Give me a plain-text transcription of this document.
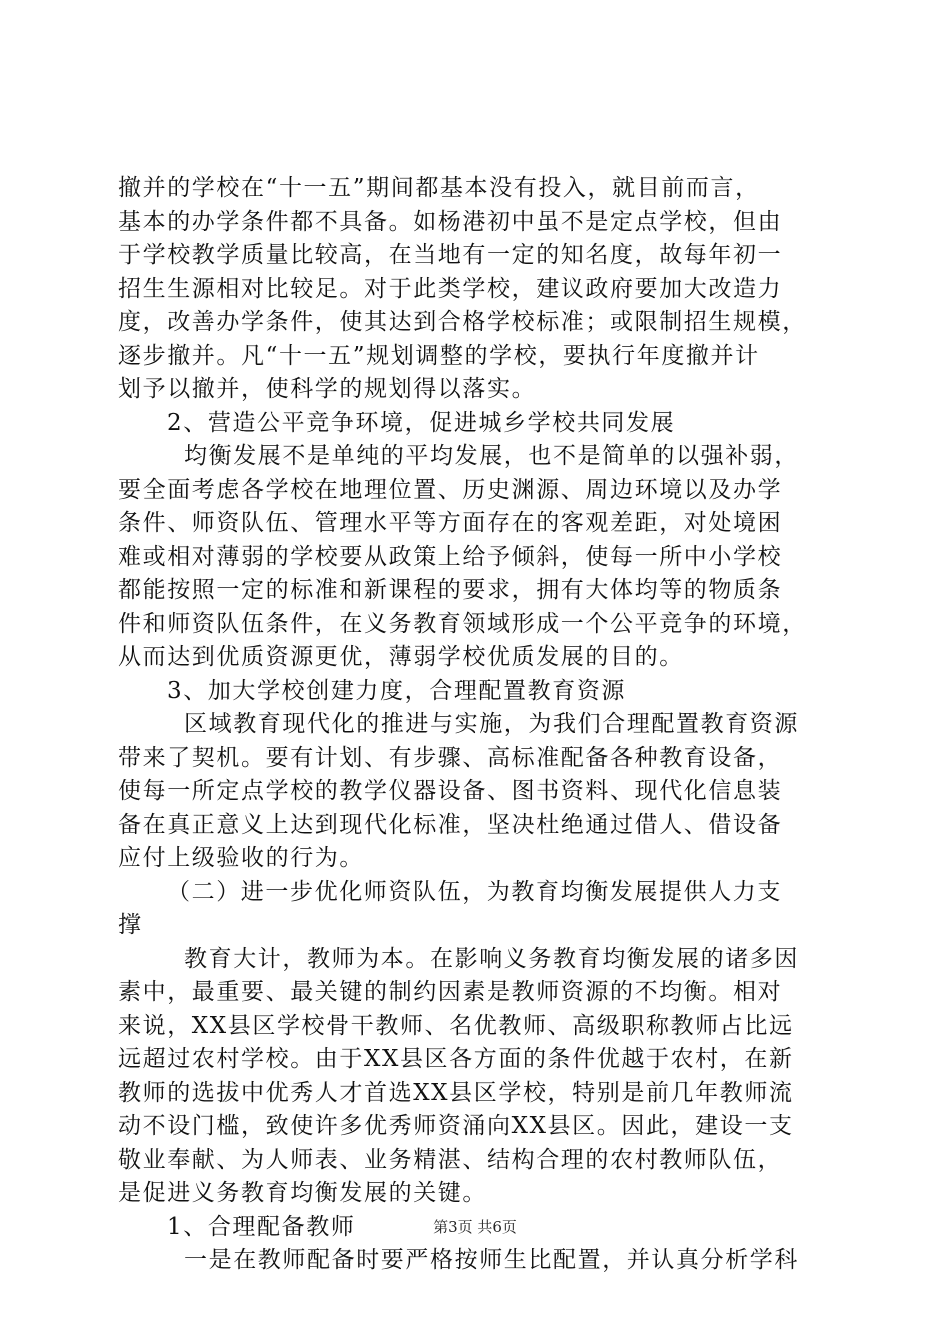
撤并的学校在“十一五”期间都基本没有投入，就目前而言，
基本的办学条件都不具备。如杨港初中虽不是定点学校，但由
于学校教学质量比较高，在当地有一定的知名度，故每年初一
招生生源相对比较足。对于此类学校，建议政府要加大改造力
度，改善办学条件，使其达到合格学校标准；或限制招生规模，
逐步撤并。凡“十一五”规划调整的学校，要执行年度撤并计
划予以撤并，使科学的规划得以落实。
2、营造公平竞争环境，促进城乡学校共同发展
均衡发展不是单纯的平均发展，也不是简单的以强补弱，
要全面考虑各学校在地理位置、历史渊源、周边环境以及办学
条件、师资队伍、管理水平等方面存在的客观差距，对处境困
难或相对薄弱的学校要从政策上给予倾斜，使每一所中小学校
都能按照一定的标准和新课程的要求，拥有大体均等的物质条
件和师资队伍条件，在义务教育领域形成一个公平竞争的环境，
从而达到优质资源更优，薄弱学校优质发展的目的。
3、加大学校创建力度，合理配置教育资源
区域教育现代化的推进与实施，为我们合理配置教育资源
带来了契机。要有计划、有步骤、高标准配备各种教育设备，
使每一所定点学校的教学仪器设备、图书资料、现代化信息装
备在真正意义上达到现代化标准，坚决杜绝通过借人、借设备
应付上级验收的行为。
（二）进一步优化师资队伍，为教育均衡发展提供人力支
撑
教育大计，教师为本。在影响义务教育均衡发展的诸多因
素中，最重要、最关键的制约因素是教师资源的不均衡。相对
来说，XX县区学校骨干教师、名优教师、高级职称教师占比远
远超过农村学校。由于XX县区各方面的条件优越于农村，在新
教师的选拔中优秀人才首选XX县区学校，特别是前几年教师流
动不设门槛，致使许多优秀师资涌向XX县区。因此，建设一支
敬业奉献、为人师表、业务精湛、结构合理的农村教师队伍，
是促进义务教育均衡发展的关键。
1、合理配备教师
一是在教师配备时要严格按师生比配置，并认真分析学科
第3页 共6页
